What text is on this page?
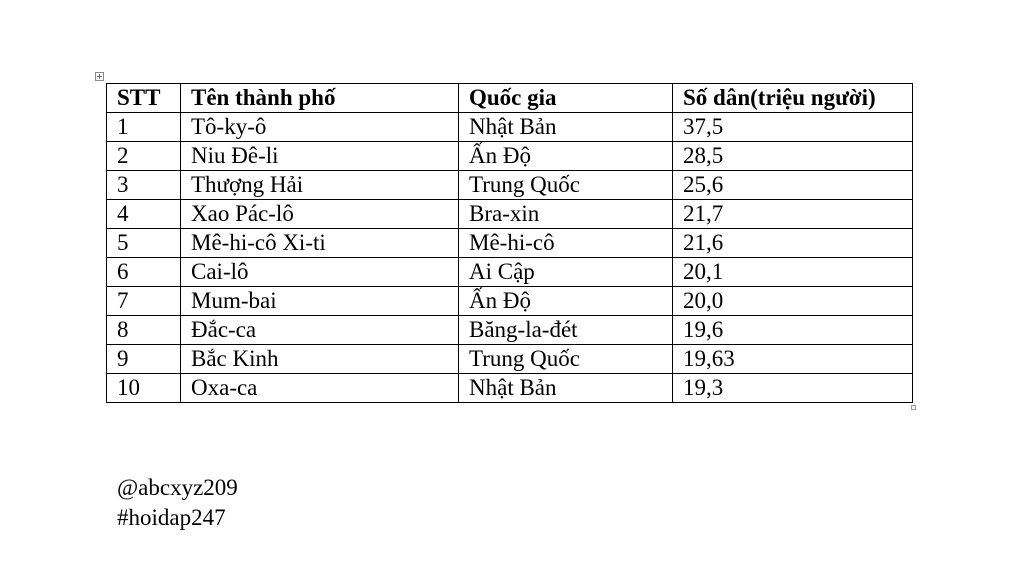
STT	Tên thành phố	Quốc gia	Số dân(triệu người)
1	Tô-ky-ô	Nhật Bản	37,5
2	Niu Đê-li	Ấn Độ	28,5
3	Thượng Hải	Trung Quốc	25,6
4	Xao Pác-lô	Bra-xin	21,7
5	Mê-hi-cô Xi-ti	Mê-hi-cô	21,6
6	Cai-lô	Ai Cập	20,1
7	Mum-bai	Ấn Độ	20,0
8	Đắc-ca	Băng-la-đét	19,6
9	Bắc Kinh	Trung Quốc	19,63
10	Oxa-ca	Nhật Bản	19,3
@abcxyz209
#hoidap247
